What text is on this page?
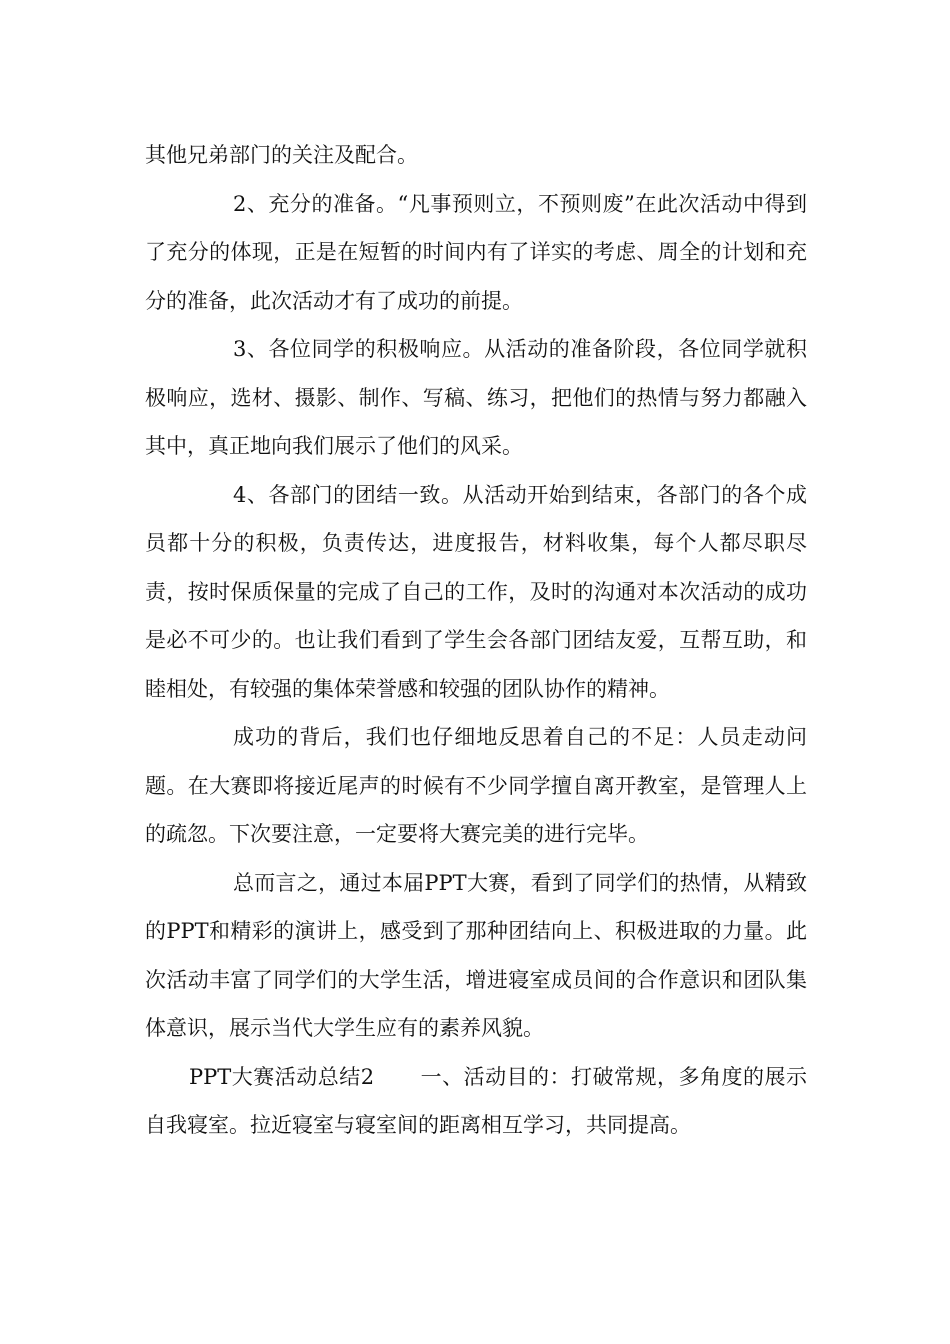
其他兄弟部门的关注及配合。

2、充分的准备。“凡事预则立，不预则废”在此次活动中得到了充分的体现，正是在短暂的时间内有了详实的考虑、周全的计划和充分的准备，此次活动才有了成功的前提。

3、各位同学的积极响应。从活动的准备阶段，各位同学就积极响应，选材、摄影、制作、写稿、练习，把他们的热情与努力都融入其中，真正地向我们展示了他们的风采。

4、各部门的团结一致。从活动开始到结束，各部门的各个成员都十分的积极，负责传达，进度报告，材料收集，每个人都尽职尽责，按时保质保量的完成了自己的工作，及时的沟通对本次活动的成功是必不可少的。也让我们看到了学生会各部门团结友爱，互帮互助，和睦相处，有较强的集体荣誉感和较强的团队协作的精神。

成功的背后，我们也仔细地反思着自己的不足：人员走动问题。在大赛即将接近尾声的时候有不少同学擅自离开教室，是管理人上的疏忽。下次要注意，一定要将大赛完美的进行完毕。

总而言之，通过本届PPT大赛，看到了同学们的热情，从精致的PPT和精彩的演讲上，感受到了那种团结向上、积极进取的力量。此次活动丰富了同学们的大学生活，增进寝室成员间的合作意识和团队集体意识，展示当代大学生应有的素养风貌。

PPT大赛活动总结2 一、活动目的：打破常规，多角度的展示自我寝室。拉近寝室与寝室间的距离相互学习，共同提高。
